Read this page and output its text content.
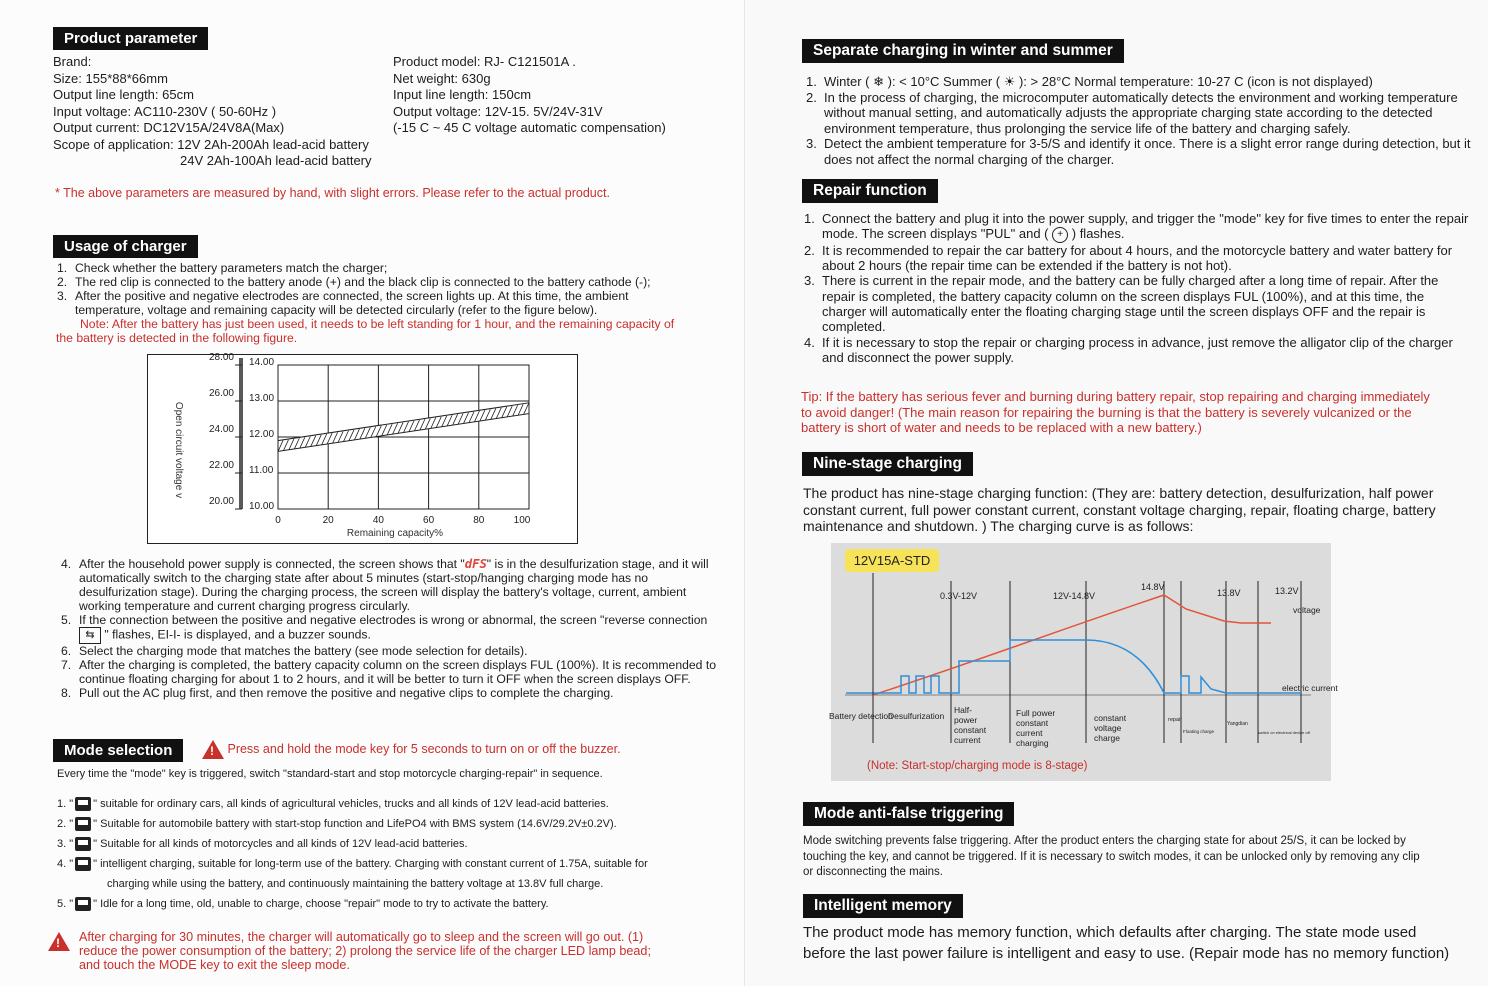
Product parameter
Brand:
Size: 155*88*66mm
Output line length: 65cm
Input voltage: AC110-230V ( 50-60Hz )
Output current: DC12V15A/24V8A(Max)
Scope of application: 12V 2Ah-200Ah lead-acid battery
24V 2Ah-100Ah lead-acid battery
Product model: RJ- C121501A .
Net weight: 630g
Input line length: 150cm
Output voltage: 12V-15. 5V/24V-31V
(-15 C ~ 45 C voltage automatic compensation)
* The above parameters are measured by hand, with slight errors. Please refer to the actual product.
Usage of charger
1. Check whether the battery parameters match the charger;
2. The red clip is connected to the battery anode (+) and the black clip is connected to the battery cathode (-);
3. After the positive and negative electrodes are connected, the screen lights up. At this time, the ambient temperature, voltage and remaining capacity will be detected circularly (refer to the figure below).
Note: After the battery has just been used, it needs to be left standing for 1 hour, and the remaining capacity of
the battery is detected in the following figure.
20.00
22.00
24.00
26.00
28.00
10.00
11.00
12.00
13.00
14.00
0	20	40	60	80	100
Open circuit voltage v
Remaining capacity%
4. After the household power supply is connected, the screen shows that "dFS" is in the desulfurization stage, and it will automatically switch to the charging state after about 5 minutes (start-stop/hanging charging mode has no desulfurization stage). During the charging process, the screen will display the battery's voltage, current, ambient working temperature and current charging progress circularly.
5. If the connection between the positive and negative electrodes is wrong or abnormal, the screen "reverse connection ⇆ " flashes, EI-I- is displayed, and a buzzer sounds.
6. Select the charging mode that matches the battery (see mode selection for details).
7. After the charging is completed, the battery capacity column on the screen displays FUL (100%). It is recommended to continue floating charging for about 1 to 2 hours, and it will be better to turn it OFF when the screen displays OFF.
8. Pull out the AC plug first, and then remove the positive and negative clips to complete the charging.
Mode selection
!	Press and hold the mode key for 5 seconds to turn on or off the buzzer.
Every time the "mode" key is triggered, switch "standard-start and stop motorcycle charging-repair" in sequence.
1. " " suitable for ordinary cars, all kinds of agricultural vehicles, trucks and all kinds of 12V lead-acid batteries.
2. " " Suitable for automobile battery with start-stop function and LifePO4 with BMS system (14.6V/29.2V±0.2V).
3. " " Suitable for all kinds of motorcycles and all kinds of 12V lead-acid batteries.
4. " " intelligent charging, suitable for long-term use of the battery. Charging with constant current of 1.75A, suitable for
charging while using the battery, and continuously maintaining the battery voltage at 13.8V full charge.
5. " " Idle for a long time, old, unable to charge, choose "repair" mode to try to activate the battery.
!
After charging for 30 minutes, the charger will automatically go to sleep and the screen will go out. (1)
reduce the power consumption of the battery; 2) prolong the service life of the charger LED lamp bead;
and touch the MODE key to exit the sleep mode.
Separate charging in winter and summer
1. Winter ( ❄ ): < 10°C Summer ( ☀ ): > 28°C Normal temperature: 10-27 C (icon is not displayed)
2. In the process of charging, the microcomputer automatically detects the environment and working temperature without manual setting, and automatically adjusts the appropriate charging state according to the detected environment temperature, thus prolonging the service life of the battery and charging safely.
3. Detect the ambient temperature for 3-5/S and identify it once. There is a slight error range during detection, but it does not affect the normal charging of the charger.
Repair function
1. Connect the battery and plug it into the power supply, and trigger the "mode" key for five times to enter the repair mode. The screen displays "PUL" and ( + ) flashes.
2. It is recommended to repair the car battery for about 4 hours, and the motorcycle battery and water battery for about 2 hours (the repair time can be extended if the battery is not hot).
3. There is current in the repair mode, and the battery can be fully charged after a long time of repair. After the repair is completed, the battery capacity column on the screen displays FUL (100%), and at this time, the charger will automatically enter the floating charging stage until the screen displays OFF and the repair is completed.
4. If it is necessary to stop the repair or charging process in advance, just remove the alligator clip of the charger and disconnect the power supply.
Tip: If the battery has serious fever and burning during battery repair, stop repairing and charging immediately to avoid danger! (The main reason for repairing the burning is that the battery is severely vulcanized or the battery is short of water and needs to be replaced with a new battery.)
Nine-stage charging
The product has nine-stage charging function: (They are: battery detection, desulfurization, half power constant current, full power constant current, constant voltage charging, repair, floating charge, battery maintenance and shutdown. ) The charging curve is as follows:
12V15A-STD
0.3V-12V	12V-14.8V
14.8V
13.8V	13.2V
voltage
electric current
Battery detection
Desulfurization
Half-
power
constant
current
Full power
constant
current
charging
constant
voltage
charge
repair
Floating charge
Yangdian
switch on electrical device off
(Note: Start-stop/charging mode is 8-stage)
Mode anti-false triggering
Mode switching prevents false triggering. After the product enters the charging state for about 25/S, it can be locked by touching the key, and cannot be triggered. If it is necessary to switch modes, it can be unlocked only by removing any clip or disconnecting the mains.
Intelligent memory
The product mode has memory function, which defaults after charging. The state mode used before the last power failure is intelligent and easy to use. (Repair mode has no memory function)
